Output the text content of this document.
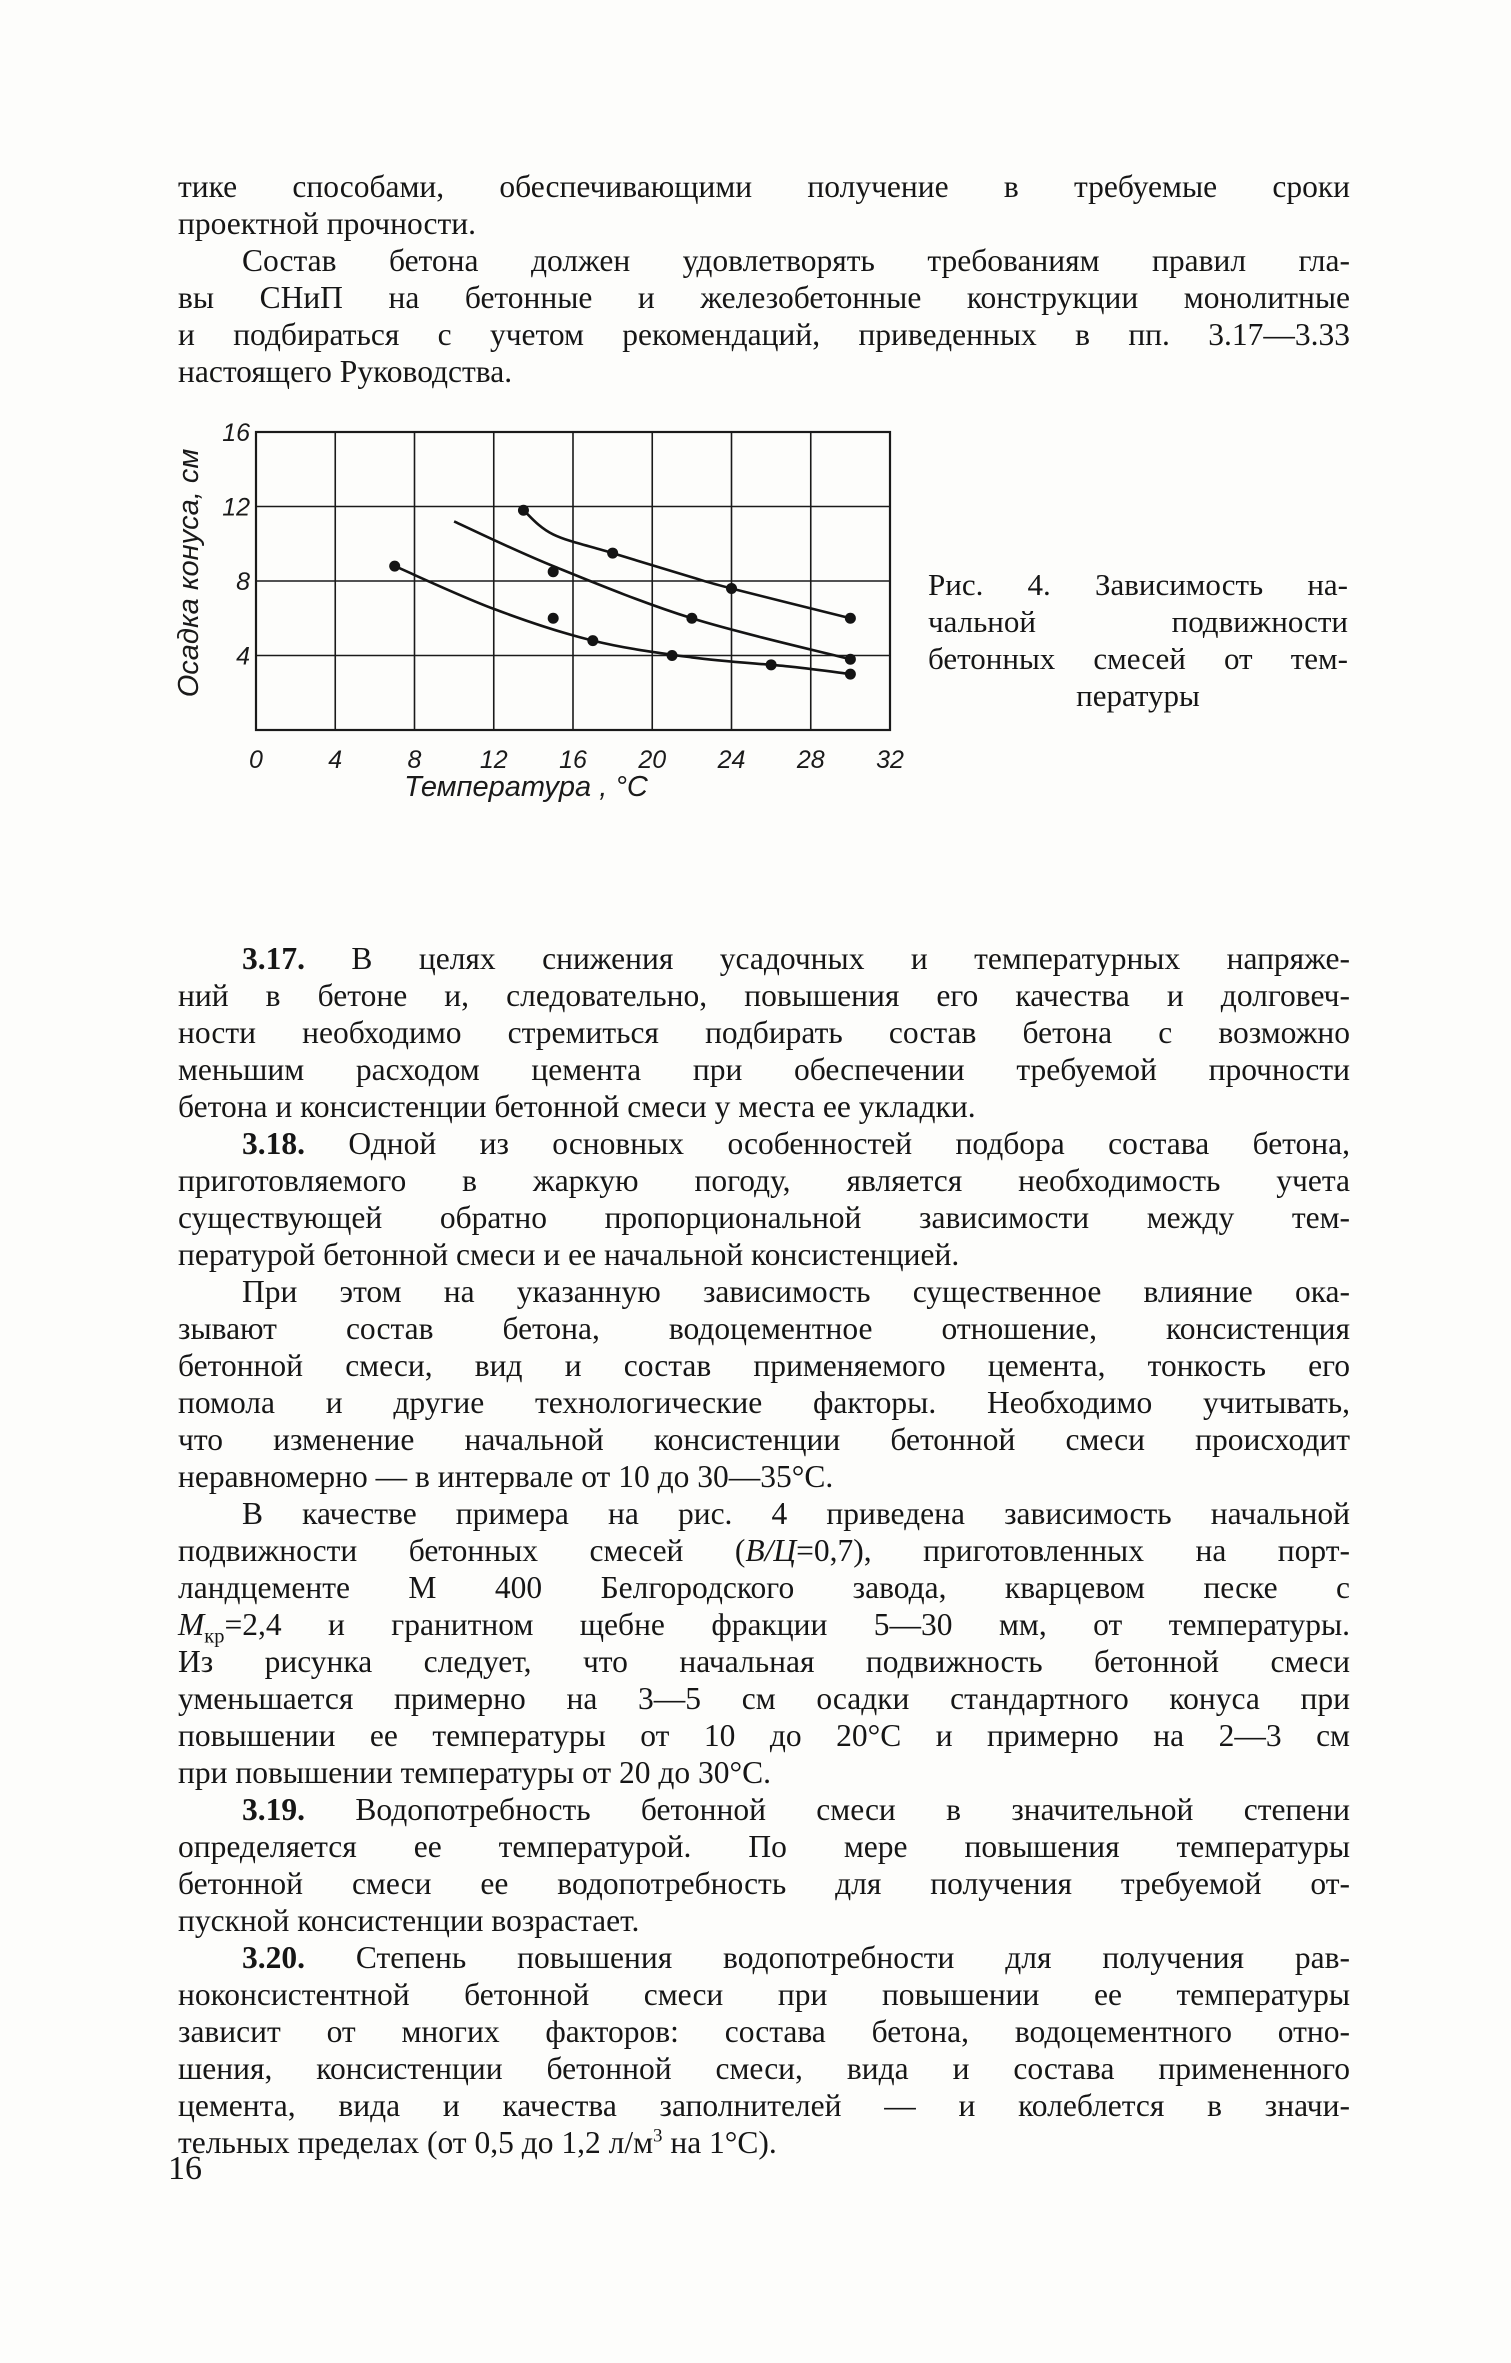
тике способами, обеспечивающими получение в требуемые сроки
проектной прочности.
Состав бетона должен удовлетворять требованиям правил гла-
вы СНиП на бетонные и железобетонные конструкции монолитные
и подбираться с учетом рекомендаций, приведенных в пп. 3.17—3.33
настоящего Руководства.
0	4	8 12 16 20 24 28 32
16
12
8
4
Температура , °С
Осадка конуса, см	Рис. 4. Зависимость на-
чальной подвижности
бетонных смесей от тем-
пературы
3.17. В целях снижения усадочных и температурных напряже-
ний в бетоне и, следовательно, повышения его качества и долговеч-
ности необходимо стремиться подбирать состав бетона с возможно
меньшим расходом цемента при обеспечении требуемой прочности
бетона и консистенции бетонной смеси у места ее укладки.
3.18. Одной из основных особенностей подбора состава бетона,
приготовляемого в жаркую погоду, является необходимость учета
существующей обратно пропорциональной зависимости между тем-
пературой бетонной смеси и ее начальной консистенцией.
При этом на указанную зависимость существенное влияние ока-
зывают состав бетона, водоцементное отношение, консистенция
бетонной смеси, вид и состав применяемого цемента, тонкость его
помола и другие технологические факторы. Необходимо учитывать,
что изменение начальной консистенции бетонной смеси происходит
неравномерно — в интервале от 10 до 30—35°С.
В качестве примера на рис. 4 приведена зависимость начальной
подвижности бетонных смесей (В/Ц=0,7), приготовленных на порт-
ландцементе М 400 Белгородского завода, кварцевом песке с
$М_{кр}=2,4$ и гранитном щебне фракции 5—30 мм, от температуры.
Из рисунка следует, что начальная подвижность бетонной смеси
уменьшается примерно на 3—5 см осадки стандартного конуса при
повышении ее температуры от 10 до 20°С и примерно на 2—3 см
при повышении температуры от 20 до 30°С.
3.19. Водопотребность бетонной смеси в значительной степени
определяется ее температурой. По мере повышения температуры
бетонной смеси ее водопотребность для получения требуемой от-
пускной консистенции возрастает.
3.20. Степень повышения водопотребности для получения рав-
ноконсистентной бетонной смеси при повышении ее температуры
зависит от многих факторов: состава бетона, водоцементного отно-
шения, консистенции бетонной смеси, вида и состава примененного
цемента, вида и качества заполнителей — и колеблется в значи-
тельных пределах (от 0,5 до 1,2 $л/м^3$ на 1°С).
16
